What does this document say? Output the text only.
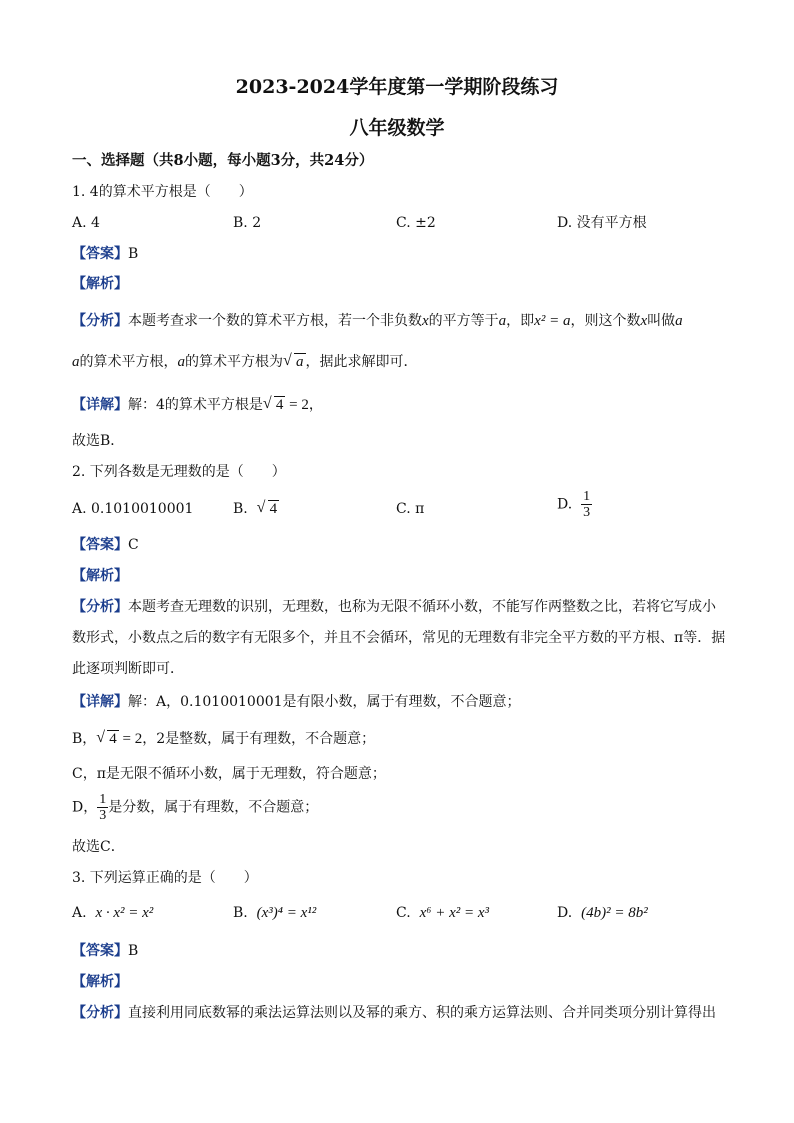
2023-2024学年度第一学期阶段练习
八年级数学
一、选择题（共8小题，每小题3分，共24分）
1. 4的算术平方根是（　　）
A. 4	B. 2	C. ±2	D. 没有平方根
【答案】B
【解析】
【分析】本题考查求一个数的算术平方根，若一个非负数x的平方等于a，即x² = a，则这个数x叫做a
a的算术平方根，a的算术平方根为 √ a ，据此求解即可．
【详解】解：4的算术平方根是 √ 4 = 2，
故选B．
2. 下列各数是无理数的是（　　）
A. 0.1010010001	B. √ 4	C. π	D. $\frac{1}{3}$
【答案】C
【解析】
【分析】本题考查无理数的识别，无理数，也称为无限不循环小数，不能写作两整数之比，若将它写成小
数形式，小数点之后的数字有无限多个，并且不会循环，常见的无理数有非完全平方数的平方根、π等．据
此逐项判断即可．
【详解】解：A，0.1010010001是有限小数，属于有理数，不合题意；
B， √ 4 = 2，2是整数，属于有理数，不合题意；
C，π是无限不循环小数，属于无理数，符合题意；
D， $\frac{1}{3}$ 是分数，属于有理数，不合题意；
故选C．
3. 下列运算正确的是（　　）
A. x · x² = x²	B. (x³)⁴ = x¹²	C. x⁶ + x² = x³	D. (4b)² = 8b²
【答案】B
【解析】
【分析】直接利用同底数幂的乘法运算法则以及幂的乘方、积的乘方运算法则、合并同类项分别计算得出
